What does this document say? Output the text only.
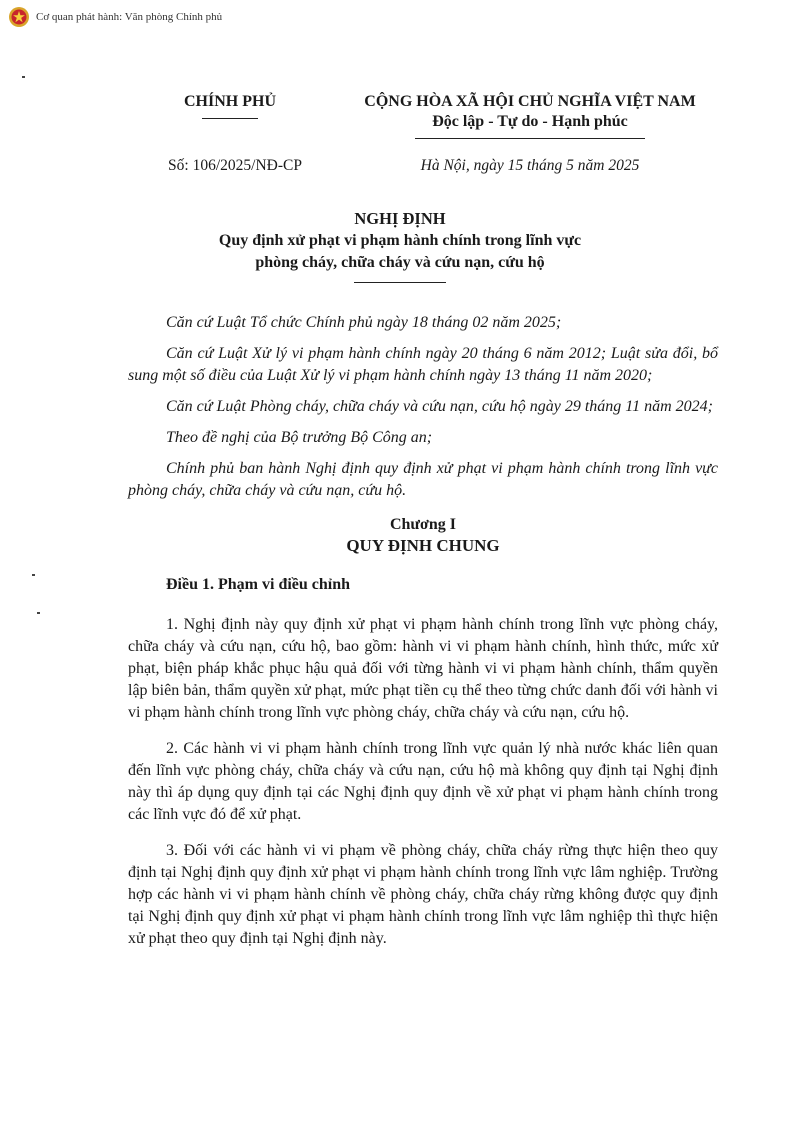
Cơ quan phát hành: Văn phòng Chính phủ
CHÍNH PHỦ	CỘNG HÒA XÃ HỘI CHỦ NGHĨA VIỆT NAM
Độc lập - Tự do - Hạnh phúc
Số: 106/2025/NĐ-CP	Hà Nội, ngày 15 tháng 5 năm 2025
NGHỊ ĐỊNH
Quy định xử phạt vi phạm hành chính trong lĩnh vực
phòng cháy, chữa cháy và cứu nạn, cứu hộ

Căn cứ Luật Tổ chức Chính phủ ngày 18 tháng 02 năm 2025;

Căn cứ Luật Xử lý vi phạm hành chính ngày 20 tháng 6 năm 2012; Luật sửa đổi, bổ sung một số điều của Luật Xử lý vi phạm hành chính ngày 13 tháng 11 năm 2020;

Căn cứ Luật Phòng cháy, chữa cháy và cứu nạn, cứu hộ ngày 29 tháng 11 năm 2024;

Theo đề nghị của Bộ trưởng Bộ Công an;

Chính phủ ban hành Nghị định quy định xử phạt vi phạm hành chính trong lĩnh vực phòng cháy, chữa cháy và cứu nạn, cứu hộ.

Chương I
QUY ĐỊNH CHUNG

Điều 1. Phạm vi điều chỉnh

1. Nghị định này quy định xử phạt vi phạm hành chính trong lĩnh vực phòng cháy, chữa cháy và cứu nạn, cứu hộ, bao gồm: hành vi vi phạm hành chính, hình thức, mức xử phạt, biện pháp khắc phục hậu quả đối với từng hành vi vi phạm hành chính, thẩm quyền lập biên bản, thẩm quyền xử phạt, mức phạt tiền cụ thể theo từng chức danh đối với hành vi vi phạm hành chính trong lĩnh vực phòng cháy, chữa cháy và cứu nạn, cứu hộ.

2. Các hành vi vi phạm hành chính trong lĩnh vực quản lý nhà nước khác liên quan đến lĩnh vực phòng cháy, chữa cháy và cứu nạn, cứu hộ mà không quy định tại Nghị định này thì áp dụng quy định tại các Nghị định quy định về xử phạt vi phạm hành chính trong các lĩnh vực đó để xử phạt.

3. Đối với các hành vi vi phạm về phòng cháy, chữa cháy rừng thực hiện theo quy định tại Nghị định quy định xử phạt vi phạm hành chính trong lĩnh vực lâm nghiệp. Trường hợp các hành vi vi phạm hành chính về phòng cháy, chữa cháy rừng không được quy định tại Nghị định quy định xử phạt vi phạm hành chính trong lĩnh vực lâm nghiệp thì thực hiện xử phạt theo quy định tại Nghị định này.
